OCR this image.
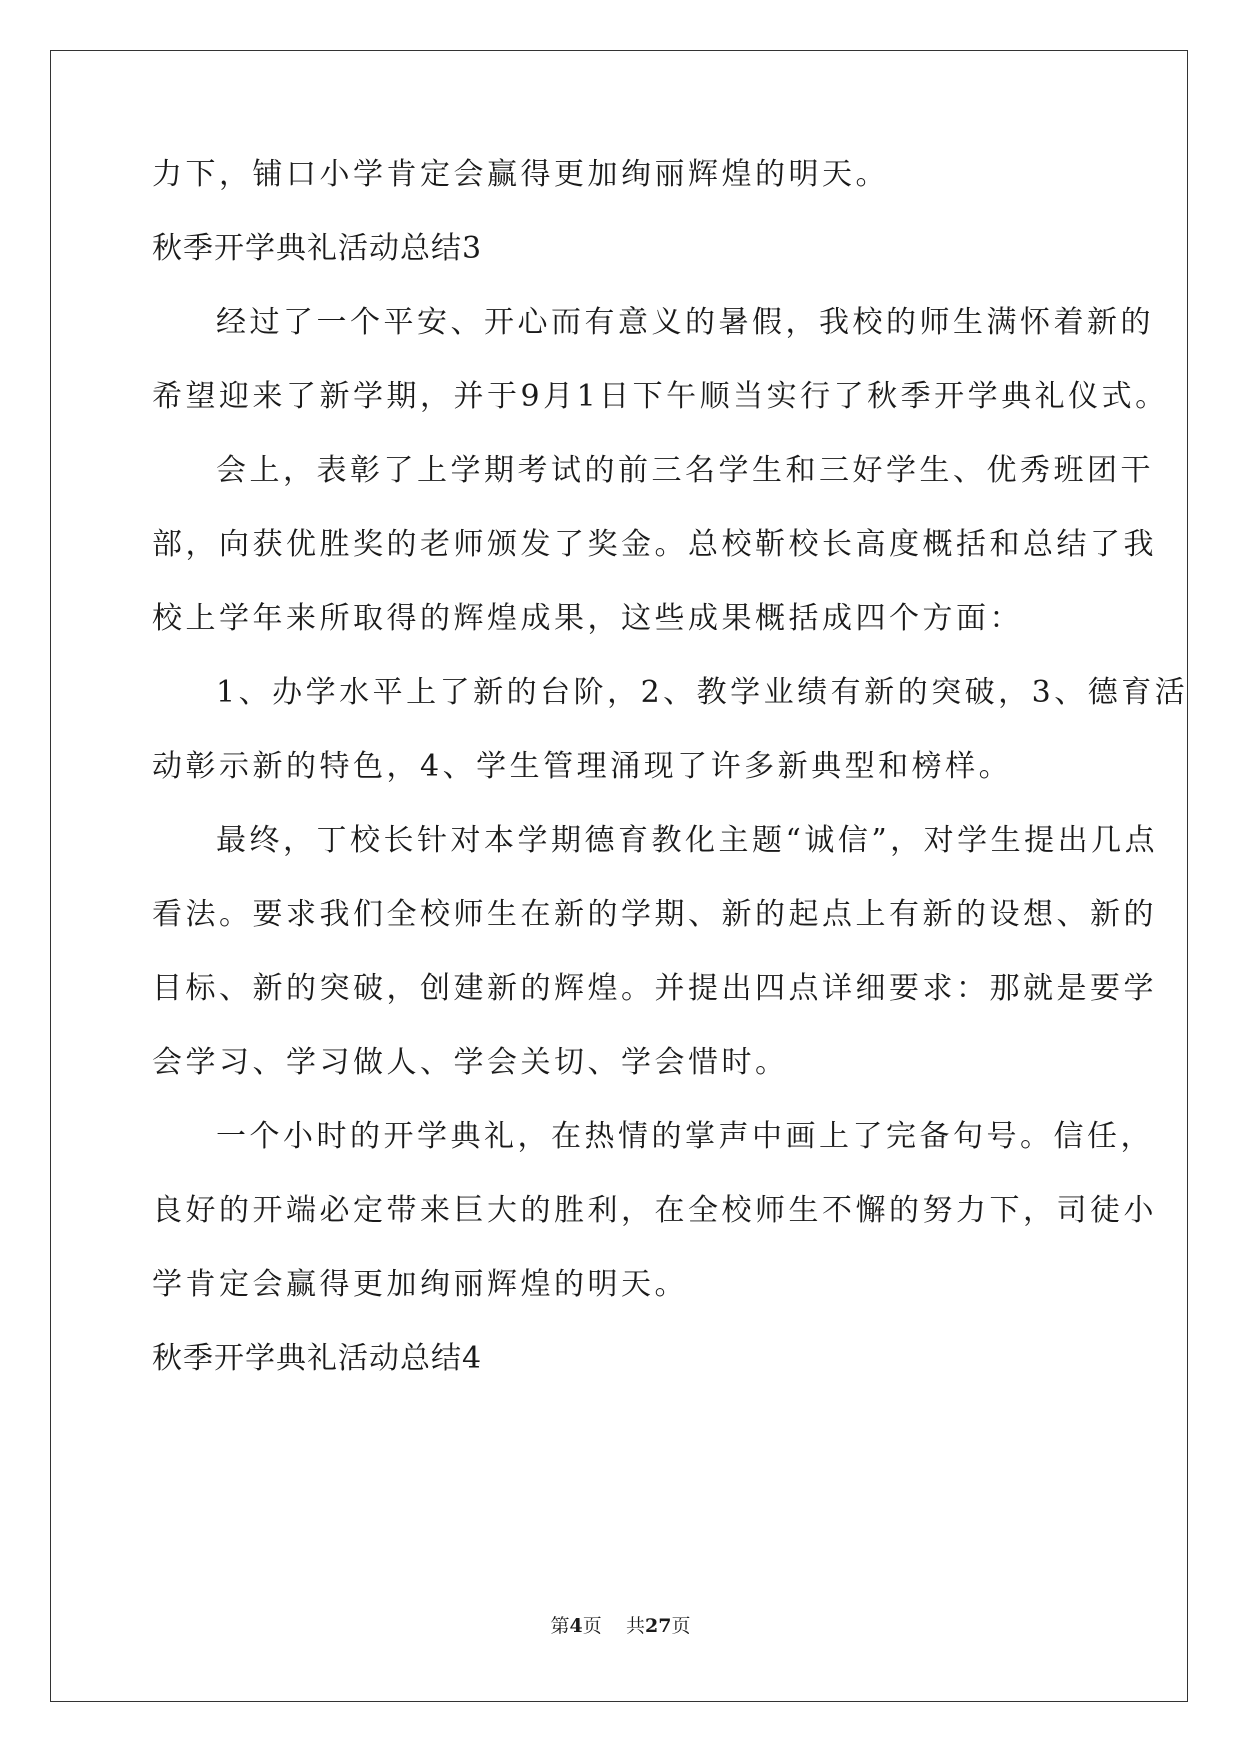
力下，铺口小学肯定会赢得更加绚丽辉煌的明天。
秋季开学典礼活动总结3
经过了一个平安、开心而有意义的暑假，我校的师生满怀着新的
希望迎来了新学期，并于9月1日下午顺当实行了秋季开学典礼仪式。
会上，表彰了上学期考试的前三名学生和三好学生、优秀班团干
部，向获优胜奖的老师颁发了奖金。总校靳校长高度概括和总结了我
校上学年来所取得的辉煌成果，这些成果概括成四个方面：
1、办学水平上了新的台阶，2、教学业绩有新的突破，3、德育活
动彰示新的特色，4、学生管理涌现了许多新典型和榜样。
最终，丁校长针对本学期德育教化主题“诚信”，对学生提出几点
看法。要求我们全校师生在新的学期、新的起点上有新的设想、新的
目标、新的突破，创建新的辉煌。并提出四点详细要求：那就是要学
会学习、学习做人、学会关切、学会惜时。
一个小时的开学典礼，在热情的掌声中画上了完备句号。信任，
良好的开端必定带来巨大的胜利，在全校师生不懈的努力下，司徒小
学肯定会赢得更加绚丽辉煌的明天。
秋季开学典礼活动总结4
第4页 共27页
